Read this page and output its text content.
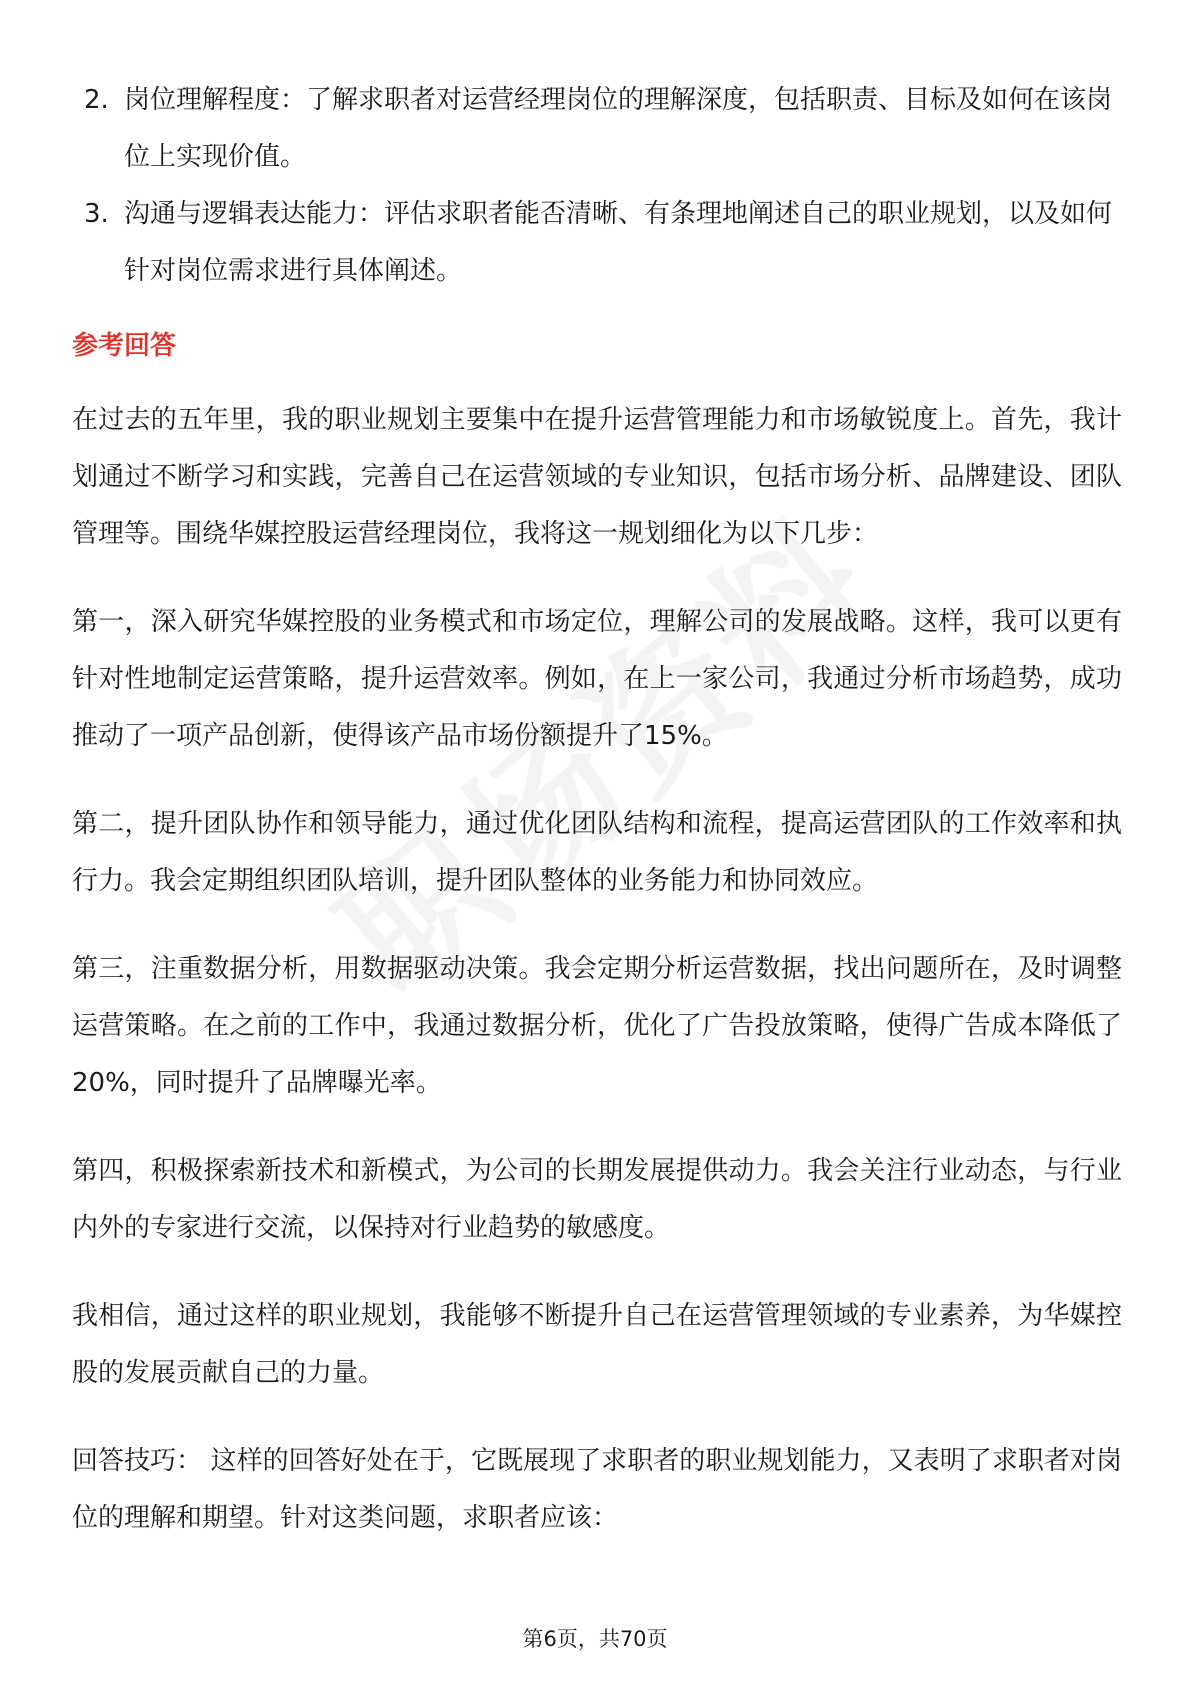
2. 岗位理解程度：了解求职者对运营经理岗位的理解深度，包括职责、目标及如何在该岗位上实现价值。
3. 沟通与逻辑表达能力：评估求职者能否清晰、有条理地阐述自己的职业规划，以及如何针对岗位需求进行具体阐述。
参考回答

在过去的五年里，我的职业规划主要集中在提升运营管理能力和市场敏锐度上。首先，我计划通过不断学习和实践，完善自己在运营领域的专业知识，包括市场分析、品牌建设、团队管理等。围绕华媒控股运营经理岗位，我将这一规划细化为以下几步：

第一，深入研究华媒控股的业务模式和市场定位，理解公司的发展战略。这样，我可以更有针对性地制定运营策略，提升运营效率。例如，在上一家公司，我通过分析市场趋势，成功推动了一项产品创新，使得该产品市场份额提升了15%。

第二，提升团队协作和领导能力，通过优化团队结构和流程，提高运营团队的工作效率和执行力。我会定期组织团队培训，提升团队整体的业务能力和协同效应。

第三，注重数据分析，用数据驱动决策。我会定期分析运营数据，找出问题所在，及时调整运营策略。在之前的工作中，我通过数据分析，优化了广告投放策略，使得广告成本降低了20%，同时提升了品牌曝光率。

第四，积极探索新技术和新模式，为公司的长期发展提供动力。我会关注行业动态，与行业内外的专家进行交流，以保持对行业趋势的敏感度。

我相信，通过这样的职业规划，我能够不断提升自己在运营管理领域的专业素养，为华媒控股的发展贡献自己的力量。

回答技巧： 这样的回答好处在于，它既展现了求职者的职业规划能力，又表明了求职者对岗位的理解和期望。针对这类问题，求职者应该：

第6页，共70页
